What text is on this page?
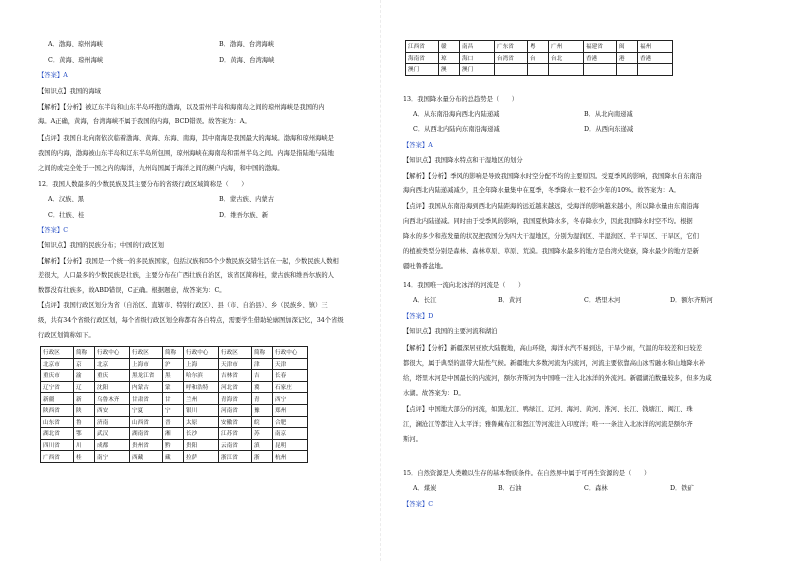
A．渤海、琼州海峡	B．渤海、台湾海峡
C．黄海、琼州海峡	D．黄海、台湾海峡
【答案】A
【知识点】我国的海域
【解析】【分析】被辽东半岛和山东半岛环抱的渤海，以及雷州半岛和海南岛之间的琼州海峡是我国的内
海。A正确，黄海，台湾海峡不属于我国的内海，BCD错误。故答案为：A。
【点评】我国自北向南依次临着渤海、黄海、东海、南海，其中南海是我国最大的海域。渤海和琼州海峡是
我国的内海，渤海被山东半岛和辽东半岛所包围，琼州海峡在海南岛和雷州半岛之间。内海是指陆地与陆地
之间的或完全处于一国之内的海洋，九州岛国属于海洋之间的濒户内海，和中国的渤海。
12．我国人数最多的少数民族及其主要分布的省级行政区域简称是（　　）
A．汉族、黑	B．蒙古族、内蒙古
C．壮族、桂	D．维吾尔族、新
【答案】C
【知识点】我国的民族分布；中国的行政区划
【解析】【分析】我国是一个统一的多民族国家，包括汉族和55个少数民族交错生活在一起，少数民族人数相
差很大，人口最多的少数民族是壮族，主要分布在广西壮族自治区，该省区简称桂，蒙古族和维吾尔族的人
数都没有壮族多，故ABD错误，C正确。根据题意，故答案为：C。
【点评】我国行政区划分为省（自治区、直辖市、特别行政区）、县（市、自治县）、乡（民族乡、镇）三
级，共有34个省级行政区划，每个省级行政区划全称都有各自特点，需要学生借助轮廓图加深记忆，34个省级
行政区划简称如下。
行政区	简称	行政中心	行政区	简称	行政中心	行政区	简称	行政中心
北京市	京	北京	上海市	沪	上海	天津市	津	天津
重庆市	渝	重庆	黑龙江省	黑	哈尔滨	吉林省	吉	长春
辽宁省	辽	沈阳	内蒙古	蒙	呼和浩特	河北省	冀	石家庄
新疆	新	乌鲁木齐	甘肃省	甘	兰州	青海省	青	西宁
陕西省	陕	西安	宁夏	宁	银川	河南省	豫	郑州
山东省	鲁	济南	山西省	晋	太原	安徽省	皖	合肥
湖北省	鄂	武汉	湖南省	湘	长沙	江苏省	苏	南京
四川省	川	成都	贵州省	黔	贵阳	云南省	滇	昆明
广西省	桂	南宁	西藏	藏	拉萨	浙江省	浙	杭州
江西省	赣	南昌	广东省	粤	广州	福建省	闽	福州
海南省	琼	海口	台湾省	台	台北	香港	港	香港
澳门	澳	澳门						
13．我国降水量分布的总趋势是（　　）
A．从东南沿海向西北内陆递减	B．从北向南递减
C．从西北内陆向东南沿海递减	D．从西向东递减
【答案】A
【知识点】我国降水特点和干湿地区的划分
【解析】【分析】季风的影响是导致我国降水时空分配不均的主要原因。受夏季风的影响，我国降水自东南沿
海向西北内陆递减减少，且全年降水量集中在夏季，冬季降水一般不会少年的10%。故答案为：A。
【点评】我国从东南沿海到西北内陆距海的远近越来越远，受海洋的影响越来越小，所以降水量由东南沿海
向西北内陆递减。同时由于受季风的影响，我国夏秋降水多，冬春降水少，因此我国降水时空不均。根据
降水的多少和蒸发量的状况把我国分为四大干湿地区，分别为湿润区、半湿润区、半干旱区、干旱区，它们
的植被类型分别是森林、森林草原、草原、荒漠。我国降水最多的地方是台湾火烧寮，降水最少的地方是新
疆吐鲁番盆地。
14．我国唯一流向北冰洋的河流是（　　）
A．长江	B．黄河	C．塔里木河	D．额尔齐斯河
【答案】D
【知识点】我国的主要河流和湖泊
【解析】【分析】新疆深居亚欧大陆腹地，高山环绕，海洋水汽不易到达，干旱少雨，气温的年较差和日较差
都很大，属于典型的温带大陆性气候。新疆地大多数河流为内流河，河流主要依靠高山冰雪融水和山地降水补
给，塔里木河是中国最长的内流河，额尔齐斯河为中国唯一注入北冰洋的外流河。新疆湖泊数量较多，但多为咸
水湖。故答案为：D。
【点评】中国地大部分的河流，如黑龙江、鸭绿江、辽河、海河、黄河、淮河、长江、钱塘江、闽江、珠
江，澜沧江等都注入太平洋；雅鲁藏布江和怒江等河流注入印度洋；唯一一条注入北冰洋的河流是额尔齐
斯河。
15．自然资源是人类赖以生存的基本物质条件。在自然界中属于可再生资源的是（　　）
A．煤炭	B．石油	C．森林	D．铁矿
【答案】C
